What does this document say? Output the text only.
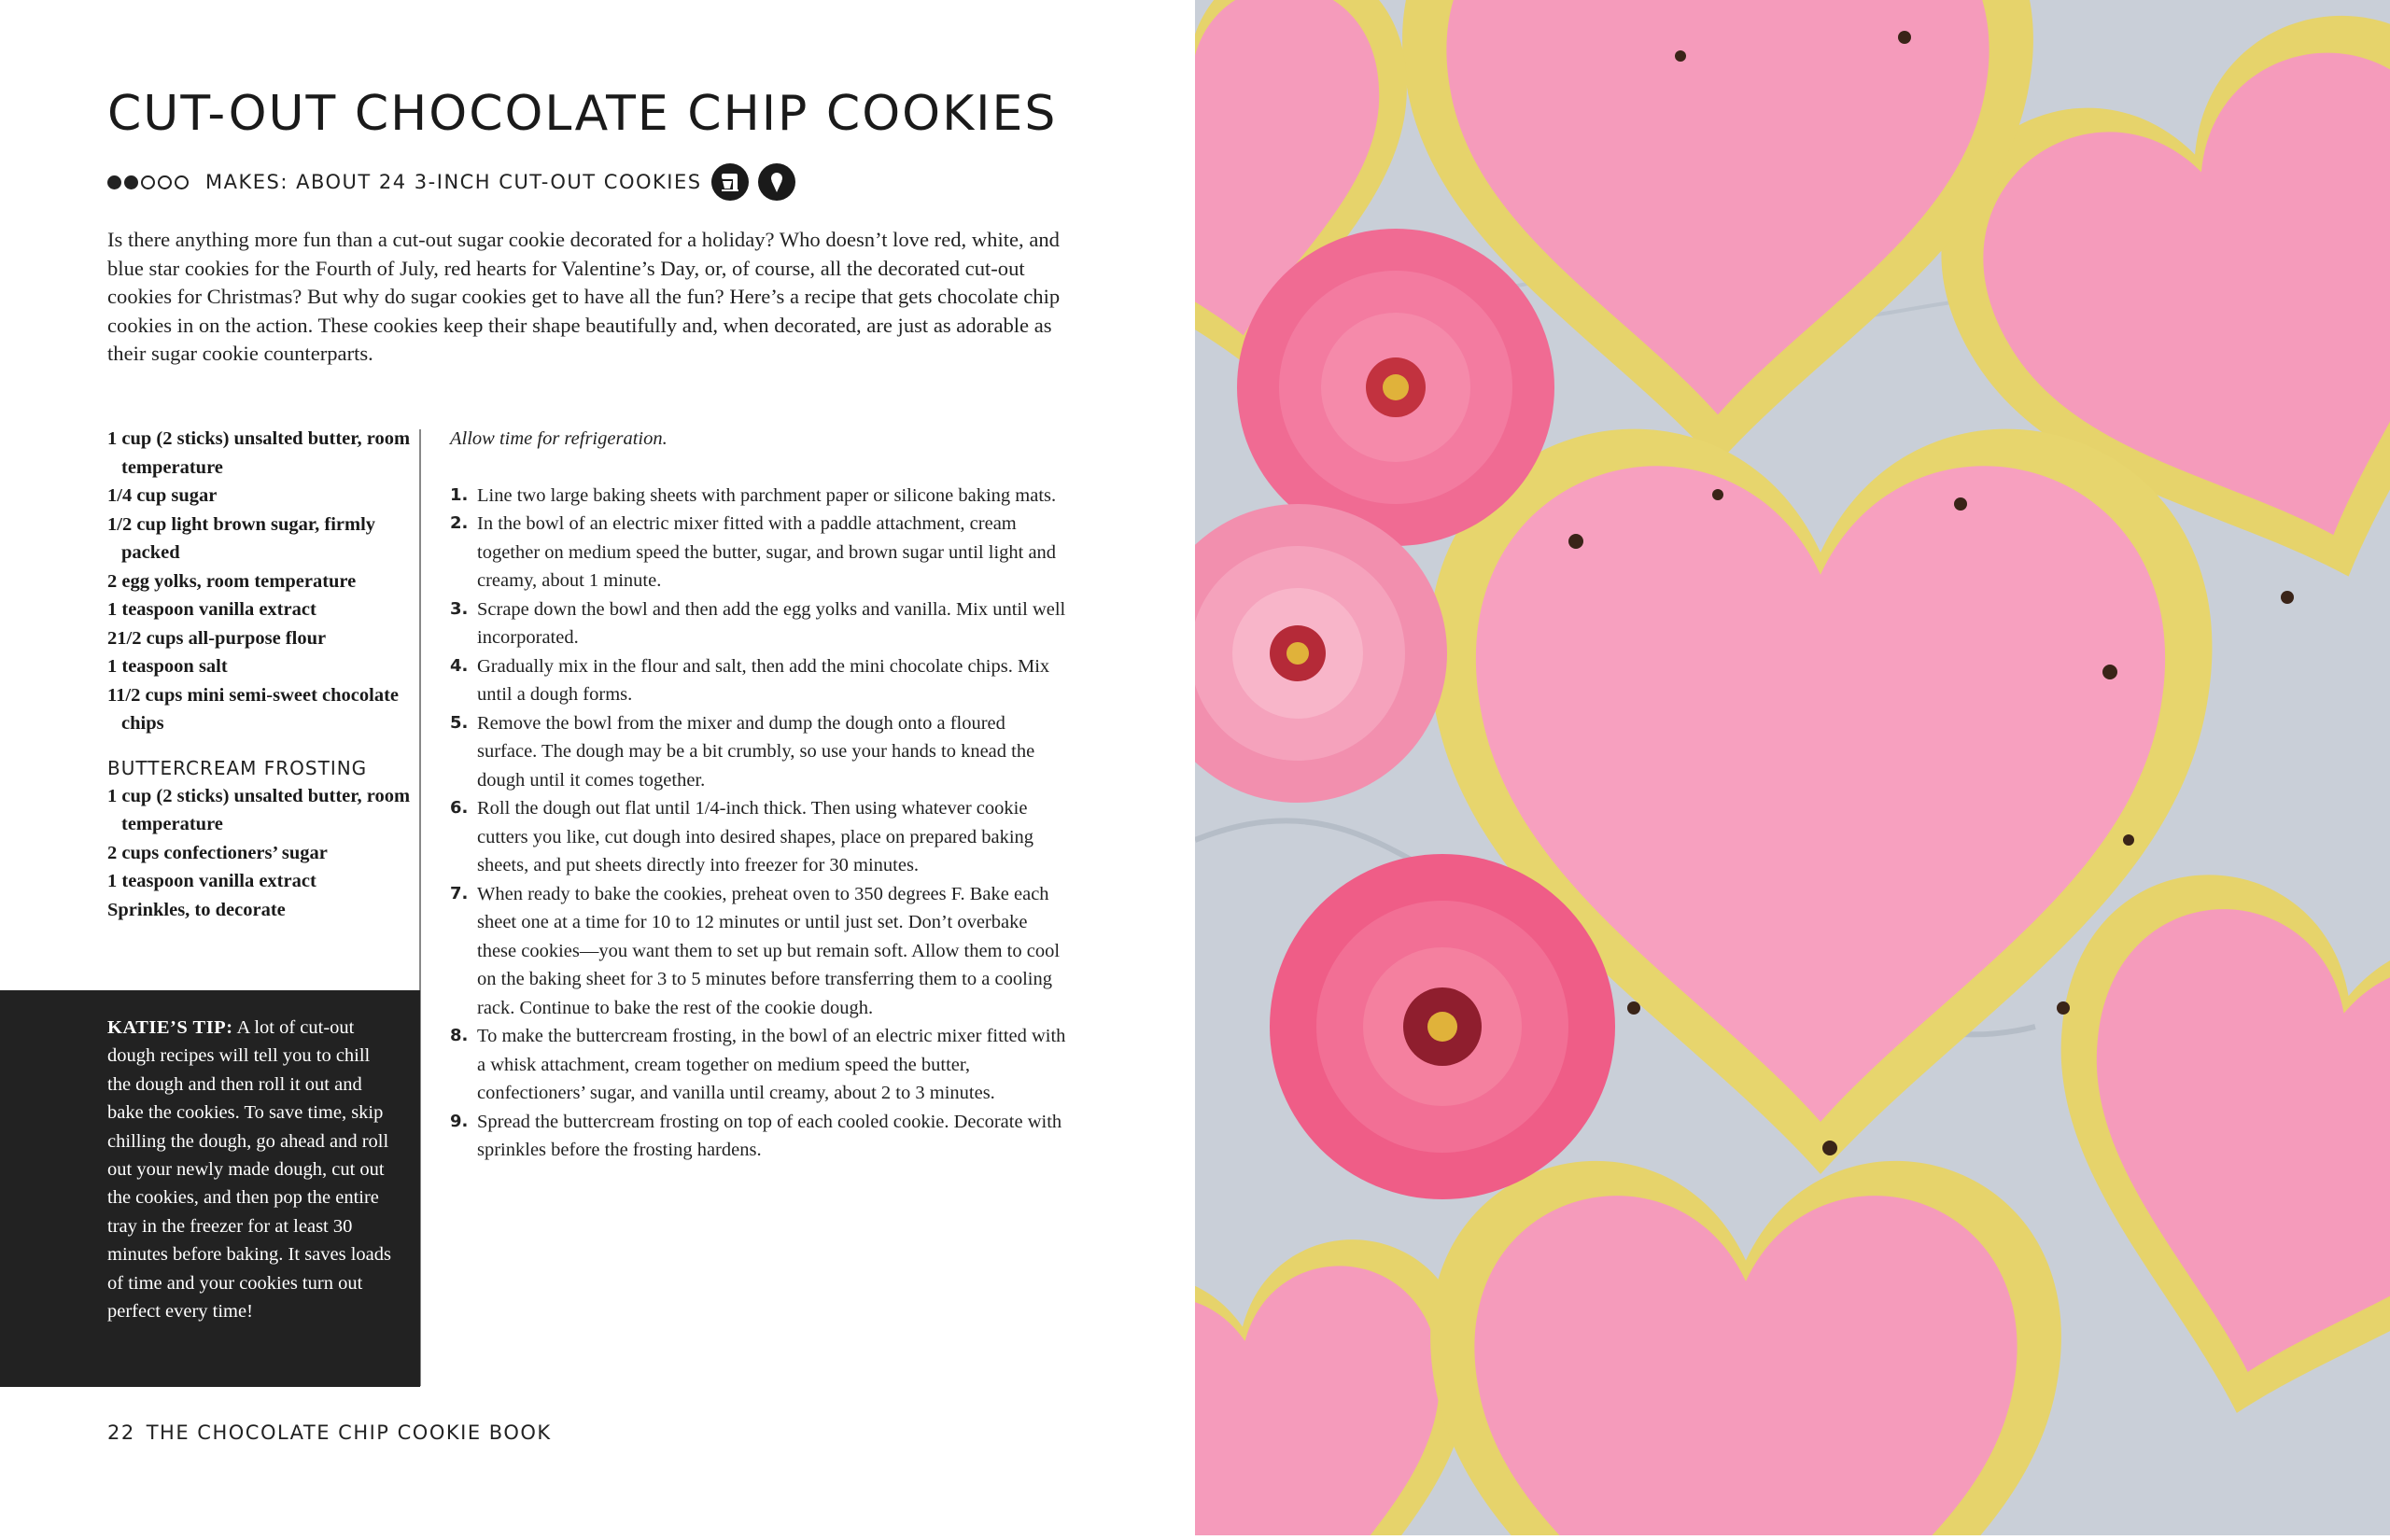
CUT-OUT CHOCOLATE CHIP COOKIES
MAKES: ABOUT 24 3-INCH CUT-OUT COOKIES

Is there anything more fun than a cut-out sugar cookie decorated for a holiday? Who doesn’t love red, white, and blue star cookies for the Fourth of July, red hearts for Valentine’s Day, or, of course, all the decorated cut-out cookies for Christmas? But why do sugar cookies get to have all the fun? Here’s a recipe that gets chocolate chip cookies in on the action. These cookies keep their shape beautifully and, when decorated, are just as adorable as their sugar cookie counterparts.

1 cup (2 sticks) unsalted butter, room temperature
1/4 cup sugar
1/2 cup light brown sugar, firmly packed
2 egg yolks, room temperature
1 teaspoon vanilla extract
21/2 cups all-purpose flour
1 teaspoon salt
11/2 cups mini semi-sweet chocolate chips
BUTTERCREAM FROSTING
1 cup (2 sticks) unsalted butter, room temperature
2 cups confectioners’ sugar
1 teaspoon vanilla extract
Sprinkles, to decorate
Allow time for refrigeration.
1. Line two large baking sheets with parchment paper or silicone baking mats.
2. In the bowl of an electric mixer fitted with a paddle attachment, cream together on medium speed the butter, sugar, and brown sugar until light and creamy, about 1 minute.
3. Scrape down the bowl and then add the egg yolks and vanilla. Mix until well incorporated.
4. Gradually mix in the flour and salt, then add the mini chocolate chips. Mix until a dough forms.
5. Remove the bowl from the mixer and dump the dough onto a floured surface. The dough may be a bit crumbly, so use your hands to knead the dough until it comes together.
6. Roll the dough out flat until 1/4-inch thick. Then using whatever cookie cutters you like, cut dough into desired shapes, place on prepared baking sheets, and put sheets directly into freezer for 30 minutes.
7. When ready to bake the cookies, preheat oven to 350 degrees F. Bake each sheet one at a time for 10 to 12 minutes or until just set. Don’t overbake these cookies—you want them to set up but remain soft. Allow them to cool on the baking sheet for 3 to 5 minutes before transferring them to a cooling rack. Continue to bake the rest of the cookie dough.
8. To make the buttercream frosting, in the bowl of an electric mixer fitted with a whisk attachment, cream together on medium speed the butter, confectioners’ sugar, and vanilla until creamy, about 2 to 3 minutes.
9. Spread the buttercream frosting on top of each cooled cookie. Decorate with sprinkles before the frosting hardens.
KATIE’S TIP: A lot of cut-out dough recipes will tell you to chill the dough and then roll it out and bake the cookies. To save time, skip chilling the dough, go ahead and roll out your newly made dough, cut out the cookies, and then pop the entire tray in the freezer for at least 30 minutes before baking. It saves loads of time and your cookies turn out perfect every time!
22 THE CHOCOLATE CHIP COOKIE BOOK
